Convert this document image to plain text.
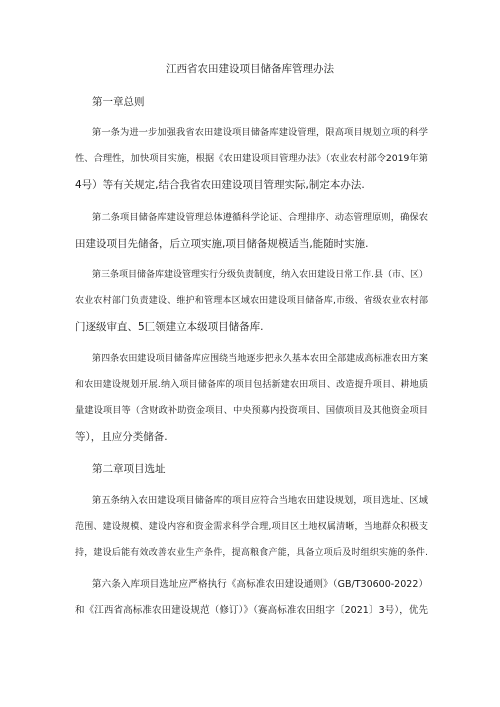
江西省农田建设项目储备库管理办法
第一章总则
第一条为进一步加强我省农田建设项目储备库建设管理，限高项目规划立项的科学
性、合理性，加快项目实施，根据《农田建设项目管理办法》（农业农村部令2019年第
4号）等有关规定,结合我省农田建设项目管理实际,制定本办法.
第二条项目储备库建设管理总体遵循科学论证、合理排序、动态管理原则，确保农
田建设项目先储备，后立项实施,项目储备规模适当,能随时实施.
第三条项目储备库建设管理实行分级负责制度，纳入农田建设日常工作.县（市、区）
农业农村部门负责建设、维护和管理本区域农田建设项目储备库,市级、省级农业农村部
门逐级审直、5匚领建立本级项目储备库.
第四条农田建设项目储备库应围绕当地逐步把永久基本农田全部建成高标准农田方案
和农田建设规划开展.纳入项目储备库的项目包括新建农田项目、改造提升项目、耕地质
量建设项目等（含财政补助资金项目、中央预募内投资项目、国债项目及其他资金项目
等），且应分类储备.
第二章项目选址
第五条纳入农田建设项目储备库的项目应符合当地农田建设规划，项目选址、区域
范围、建设规模、建设内容和资金需求科学合理,项目区土地权属清晰，当地群众积极支
持，建设后能有效改善农业生产条件，提高粮食产能，具备立项后及时组织实施的条件.
第六条入库项目选址应严格执行《高标准农田建设通则》（GB/T30600-2022）
和《江西省高标准农田建设规范（修订）》（赛高标准农田组字〔2021〕3号），优先
